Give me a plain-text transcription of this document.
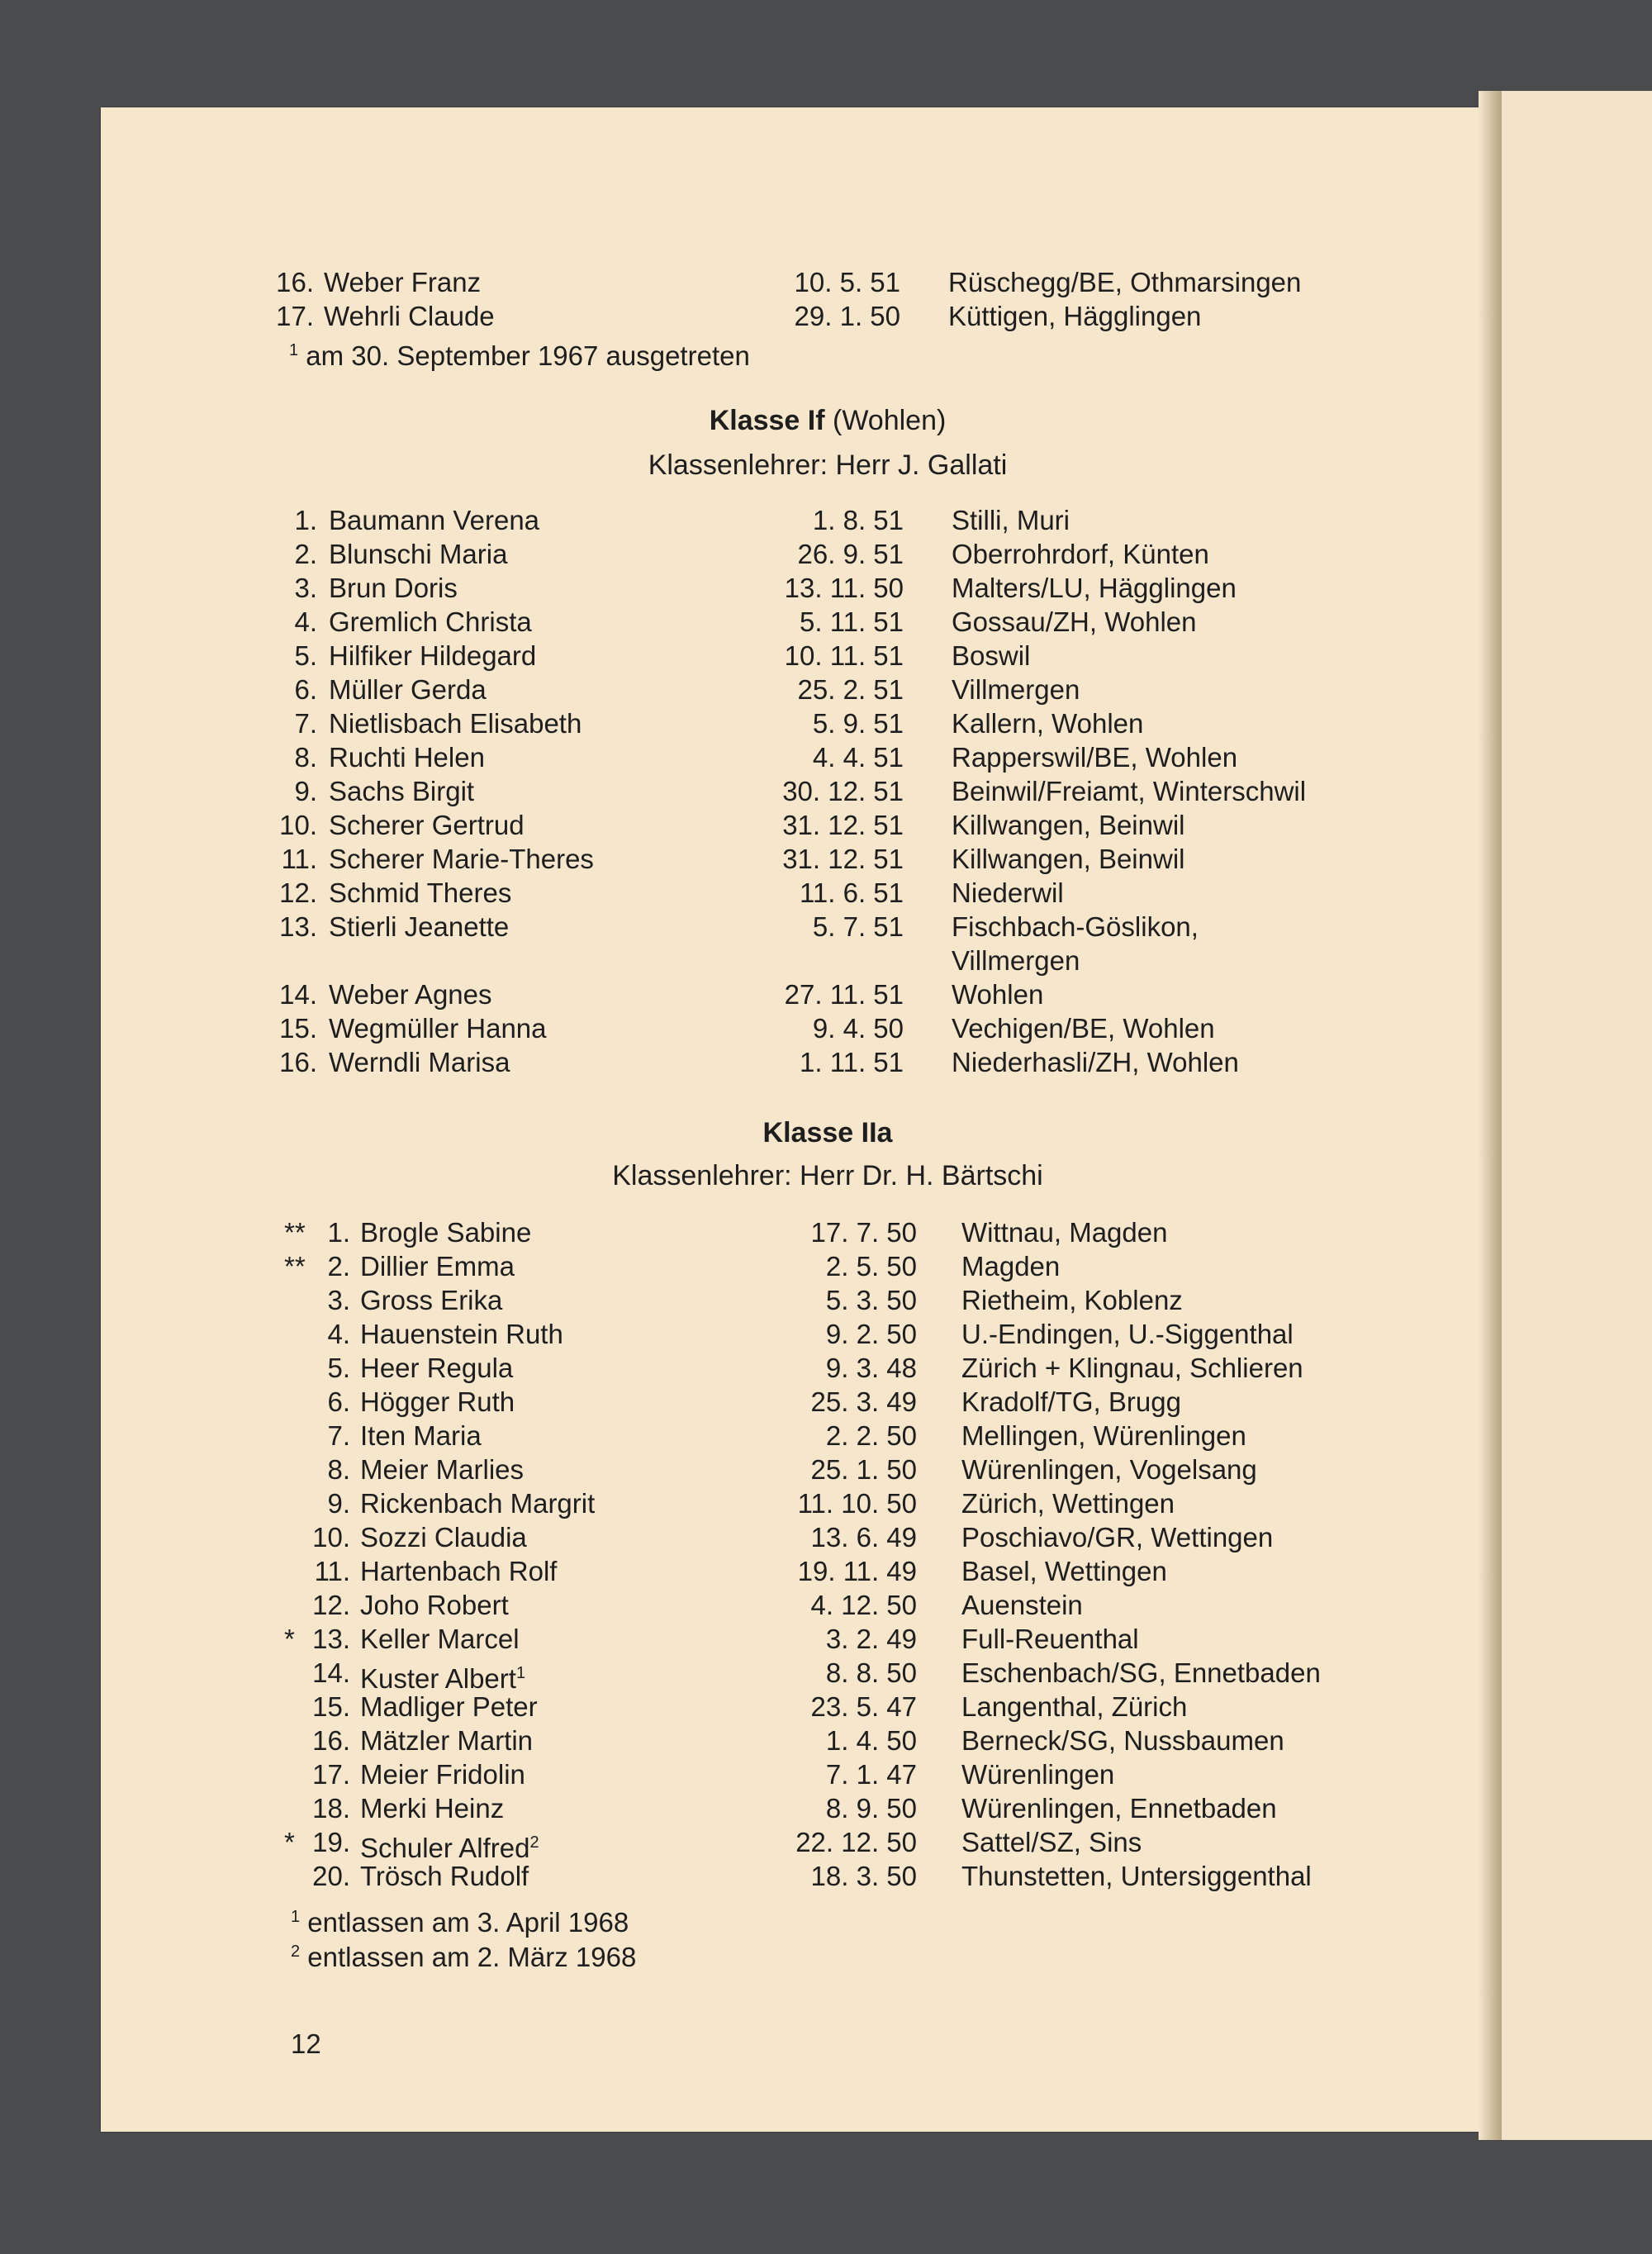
16. Weber Franz	10. 5. 51 Rüschegg/BE, Othmarsingen
17. Wehrli Claude	29. 1. 50 Küttigen, Hägglingen
1. Baumann Verena	1. 8. 51 Stilli, Muri
2. Blunschi Maria	26. 9. 51 Oberrohrdorf, Künten
3. Brun Doris	13. 11. 50 Malters/LU, Hägglingen
4. Gremlich Christa	5. 11. 51 Gossau/ZH, Wohlen
5. Hilfiker Hildegard	10. 11. 51 Boswil
6. Müller Gerda	25. 2. 51 Villmergen
7. Nietlisbach Elisabeth	5. 9. 51 Kallern, Wohlen
8. Ruchti Helen	4. 4. 51 Rapperswil/BE, Wohlen
9. Sachs Birgit	30. 12. 51 Beinwil/Freiamt, Winterschwil
10. Scherer Gertrud	31. 12. 51 Killwangen, Beinwil
11. Scherer Marie-Theres	31. 12. 51 Killwangen, Beinwil
12. Schmid Theres	11. 6. 51 Niederwil
13. Stierli Jeanette	5. 7. 51 Fischbach-Göslikon,
Villmergen
14. Weber Agnes	27. 11. 51 Wohlen
15. Wegmüller Hanna	9. 4. 50 Vechigen/BE, Wohlen
16. Werndli Marisa	1. 11. 51 Niederhasli/ZH, Wohlen
** 1. Brogle Sabine	17. 7. 50 Wittnau, Magden
** 2. Dillier Emma	2. 5. 50 Magden
3. Gross Erika	5. 3. 50 Rietheim, Koblenz
4. Hauenstein Ruth	9. 2. 50 U.-Endingen, U.-Siggenthal
5. Heer Regula	9. 3. 48 Zürich + Klingnau, Schlieren
6. Högger Ruth	25. 3. 49 Kradolf/TG, Brugg
7. Iten Maria	2. 2. 50 Mellingen, Würenlingen
8. Meier Marlies	25. 1. 50 Würenlingen, Vogelsang
9. Rickenbach Margrit	11. 10. 50 Zürich, Wettingen
10. Sozzi Claudia	13. 6. 49 Poschiavo/GR, Wettingen
11. Hartenbach Rolf	19. 11. 49 Basel, Wettingen
12. Joho Robert	4. 12. 50 Auenstein
* 13. Keller Marcel	3. 2. 49 Full-Reuenthal
14. Kuster Albert$^1$	8. 8. 50 Eschenbach/SG, Ennetbaden
15. Madliger Peter	23. 5. 47 Langenthal, Zürich
16. Mätzler Martin	1. 4. 50 Berneck/SG, Nussbaumen
17. Meier Fridolin	7. 1. 47 Würenlingen
18. Merki Heinz	8. 9. 50 Würenlingen, Ennetbaden
* 19. Schuler Alfred$^2$	22. 12. 50 Sattel/SZ, Sins
20. Trösch Rudolf	18. 3. 50 Thunstetten, Untersiggenthal
$^1$ am 30. September 1967 ausgetreten
Klasse If (Wohlen)
Klassenlehrer: Herr J. Gallati
Klasse IIa
Klassenlehrer: Herr Dr. H. Bärtschi
$^1$ entlassen am 3. April 1968
$^2$ entlassen am 2. März 1968
12
